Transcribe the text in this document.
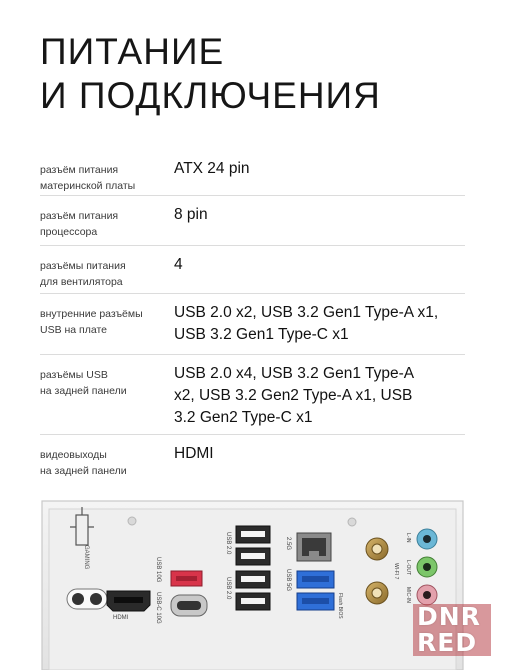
ПИТАНИЕ
И ПОДКЛЮЧЕНИЯ
разъём питания
материнской платы
ATX 24 pin
разъём питания
процессора
8 pin
разъёмы питания
для вентилятора
4
внутренние разъёмы
USB на плате
USB 2.0 x2, USB 3.2 Gen1 Type-A x1,
USB 3.2 Gen1 Type-C x1
разъёмы USB
на задней панели
USB 2.0 x4, USB 3.2 Gen1 Type-A
x2, USB 3.2 Gen2 Type-A x1, USB
3.2 Gen2 Type-C x1
видеовыходы
на задней панели
HDMI
GAMING
HDMI
USB 10G
USB-C 10G
USB 2.0
USB 2.0
2.5G
USB 5G
Flash BIOS
WI-FI 7
L-IN
L-OUT
MIC-IN
DNR
RED
